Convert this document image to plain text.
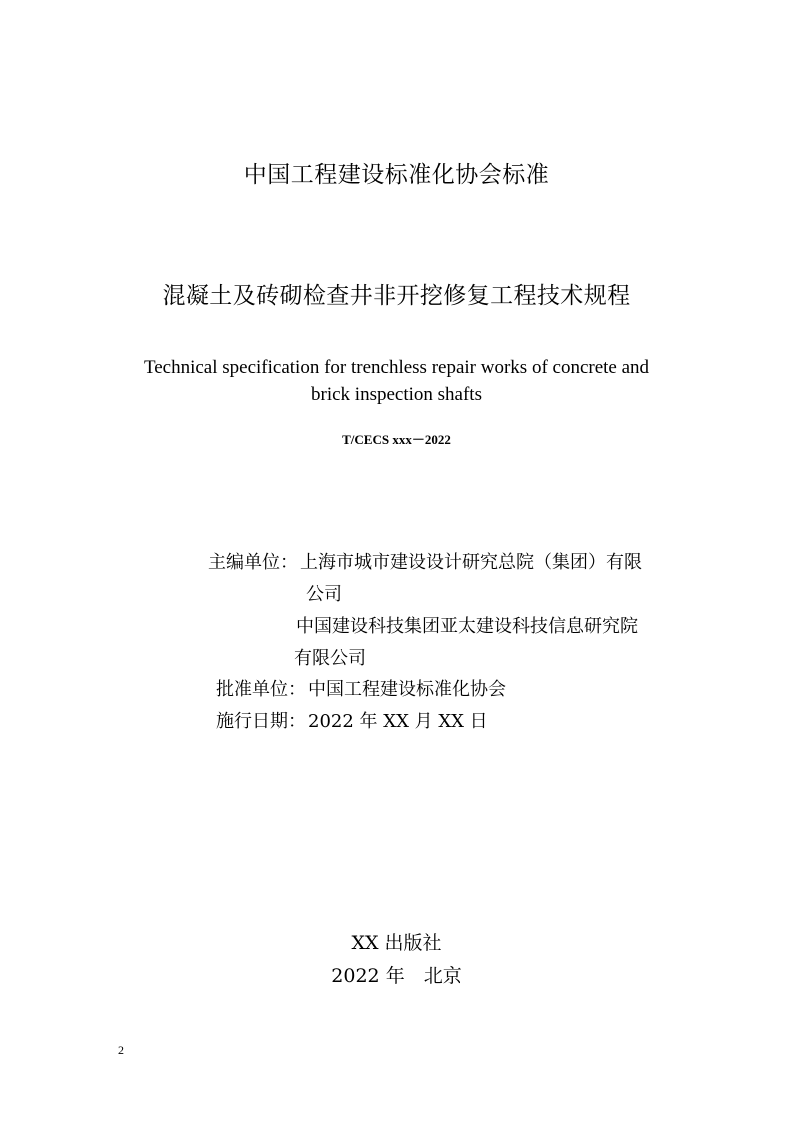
中国工程建设标准化协会标准
混凝土及砖砌检查井非开挖修复工程技术规程
Technical specification for trenchless repair works of concrete and
brick inspection shafts
T/CECS xxx－2022
主编单位： 上海市城市建设设计研究总院（集团）有限
公司
中国建设科技集团亚太建设科技信息研究院
有限公司
批准单位： 中国工程建设标准化协会
施行日期： 2022 年 XX 月 XX 日
XX 出版社
2022 年　北京
2
